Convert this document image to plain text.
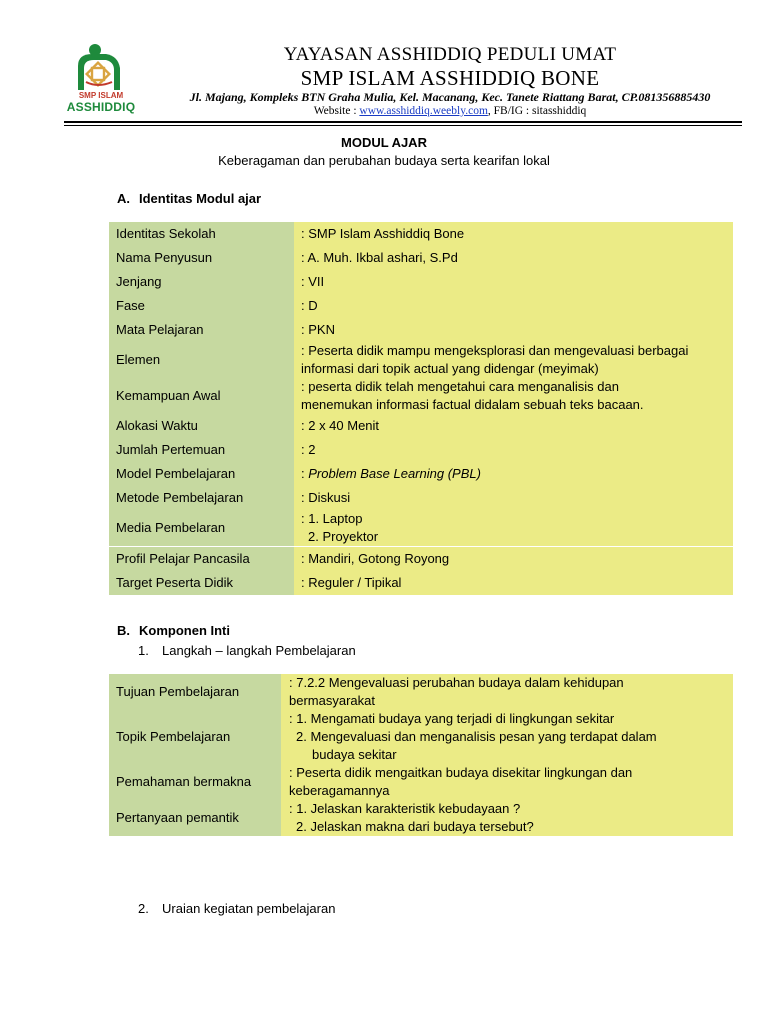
SMP ISLAM
ASSHIDDIQ
YAYASAN ASSHIDDIQ PEDULI UMAT
SMP ISLAM ASSHIDDIQ BONE
Jl. Majang, Kompleks BTN Graha Mulia, Kel. Macanang, Kec. Tanete Riattang Barat, CP.081356885430
Website : www.asshiddiq.weebly.com, FB/IG : sitasshiddiq
MODUL AJAR
Keberagaman dan perubahan budaya serta kearifan lokal
A. Identitas Modul ajar
Identitas Sekolah	: SMP Islam Asshiddiq Bone
Nama Penyusun	: A. Muh. Ikbal ashari, S.Pd
Jenjang	: VII
Fase	: D
Mata Pelajaran	: PKN
Elemen	: Peserta didik mampu mengeksplorasi dan mengevaluasi berbagai
informasi dari topik actual yang didengar (meyimak)

Kemampuan Awal	: peserta didik telah mengetahui cara menganalisis dan
menemukan informasi factual didalam sebuah teks bacaan.

Alokasi Waktu	: 2 x 40 Menit
Jumlah Pertemuan	: 2
Model Pembelajaran	: Problem Base Learning (PBL)
Metode Pembelajaran	: Diskusi
Media Pembelaran	: 1. Laptop
2. Proyektor

Profil Pelajar Pancasila	: Mandiri, Gotong Royong
Target Peserta Didik	: Reguler / Tipikal
B. Komponen Inti
1. Langkah – langkah Pembelajaran
Tujuan Pembelajaran	: 7.2.2 Mengevaluasi perubahan budaya dalam kehidupan
bermasyarakat

Topik Pembelajaran	: 1. Mengamati budaya yang terjadi di lingkungan sekitar
2. Mengevaluasi dan menganalisis pesan yang terdapat dalam
budaya sekitar

Pemahaman bermakna	: Peserta didik mengaitkan budaya disekitar lingkungan dan
keberagamannya

Pertanyaan pemantik	: 1. Jelaskan karakteristik kebudayaan ?
2. Jelaskan makna dari budaya tersebut?
2. Uraian kegiatan pembelajaran
